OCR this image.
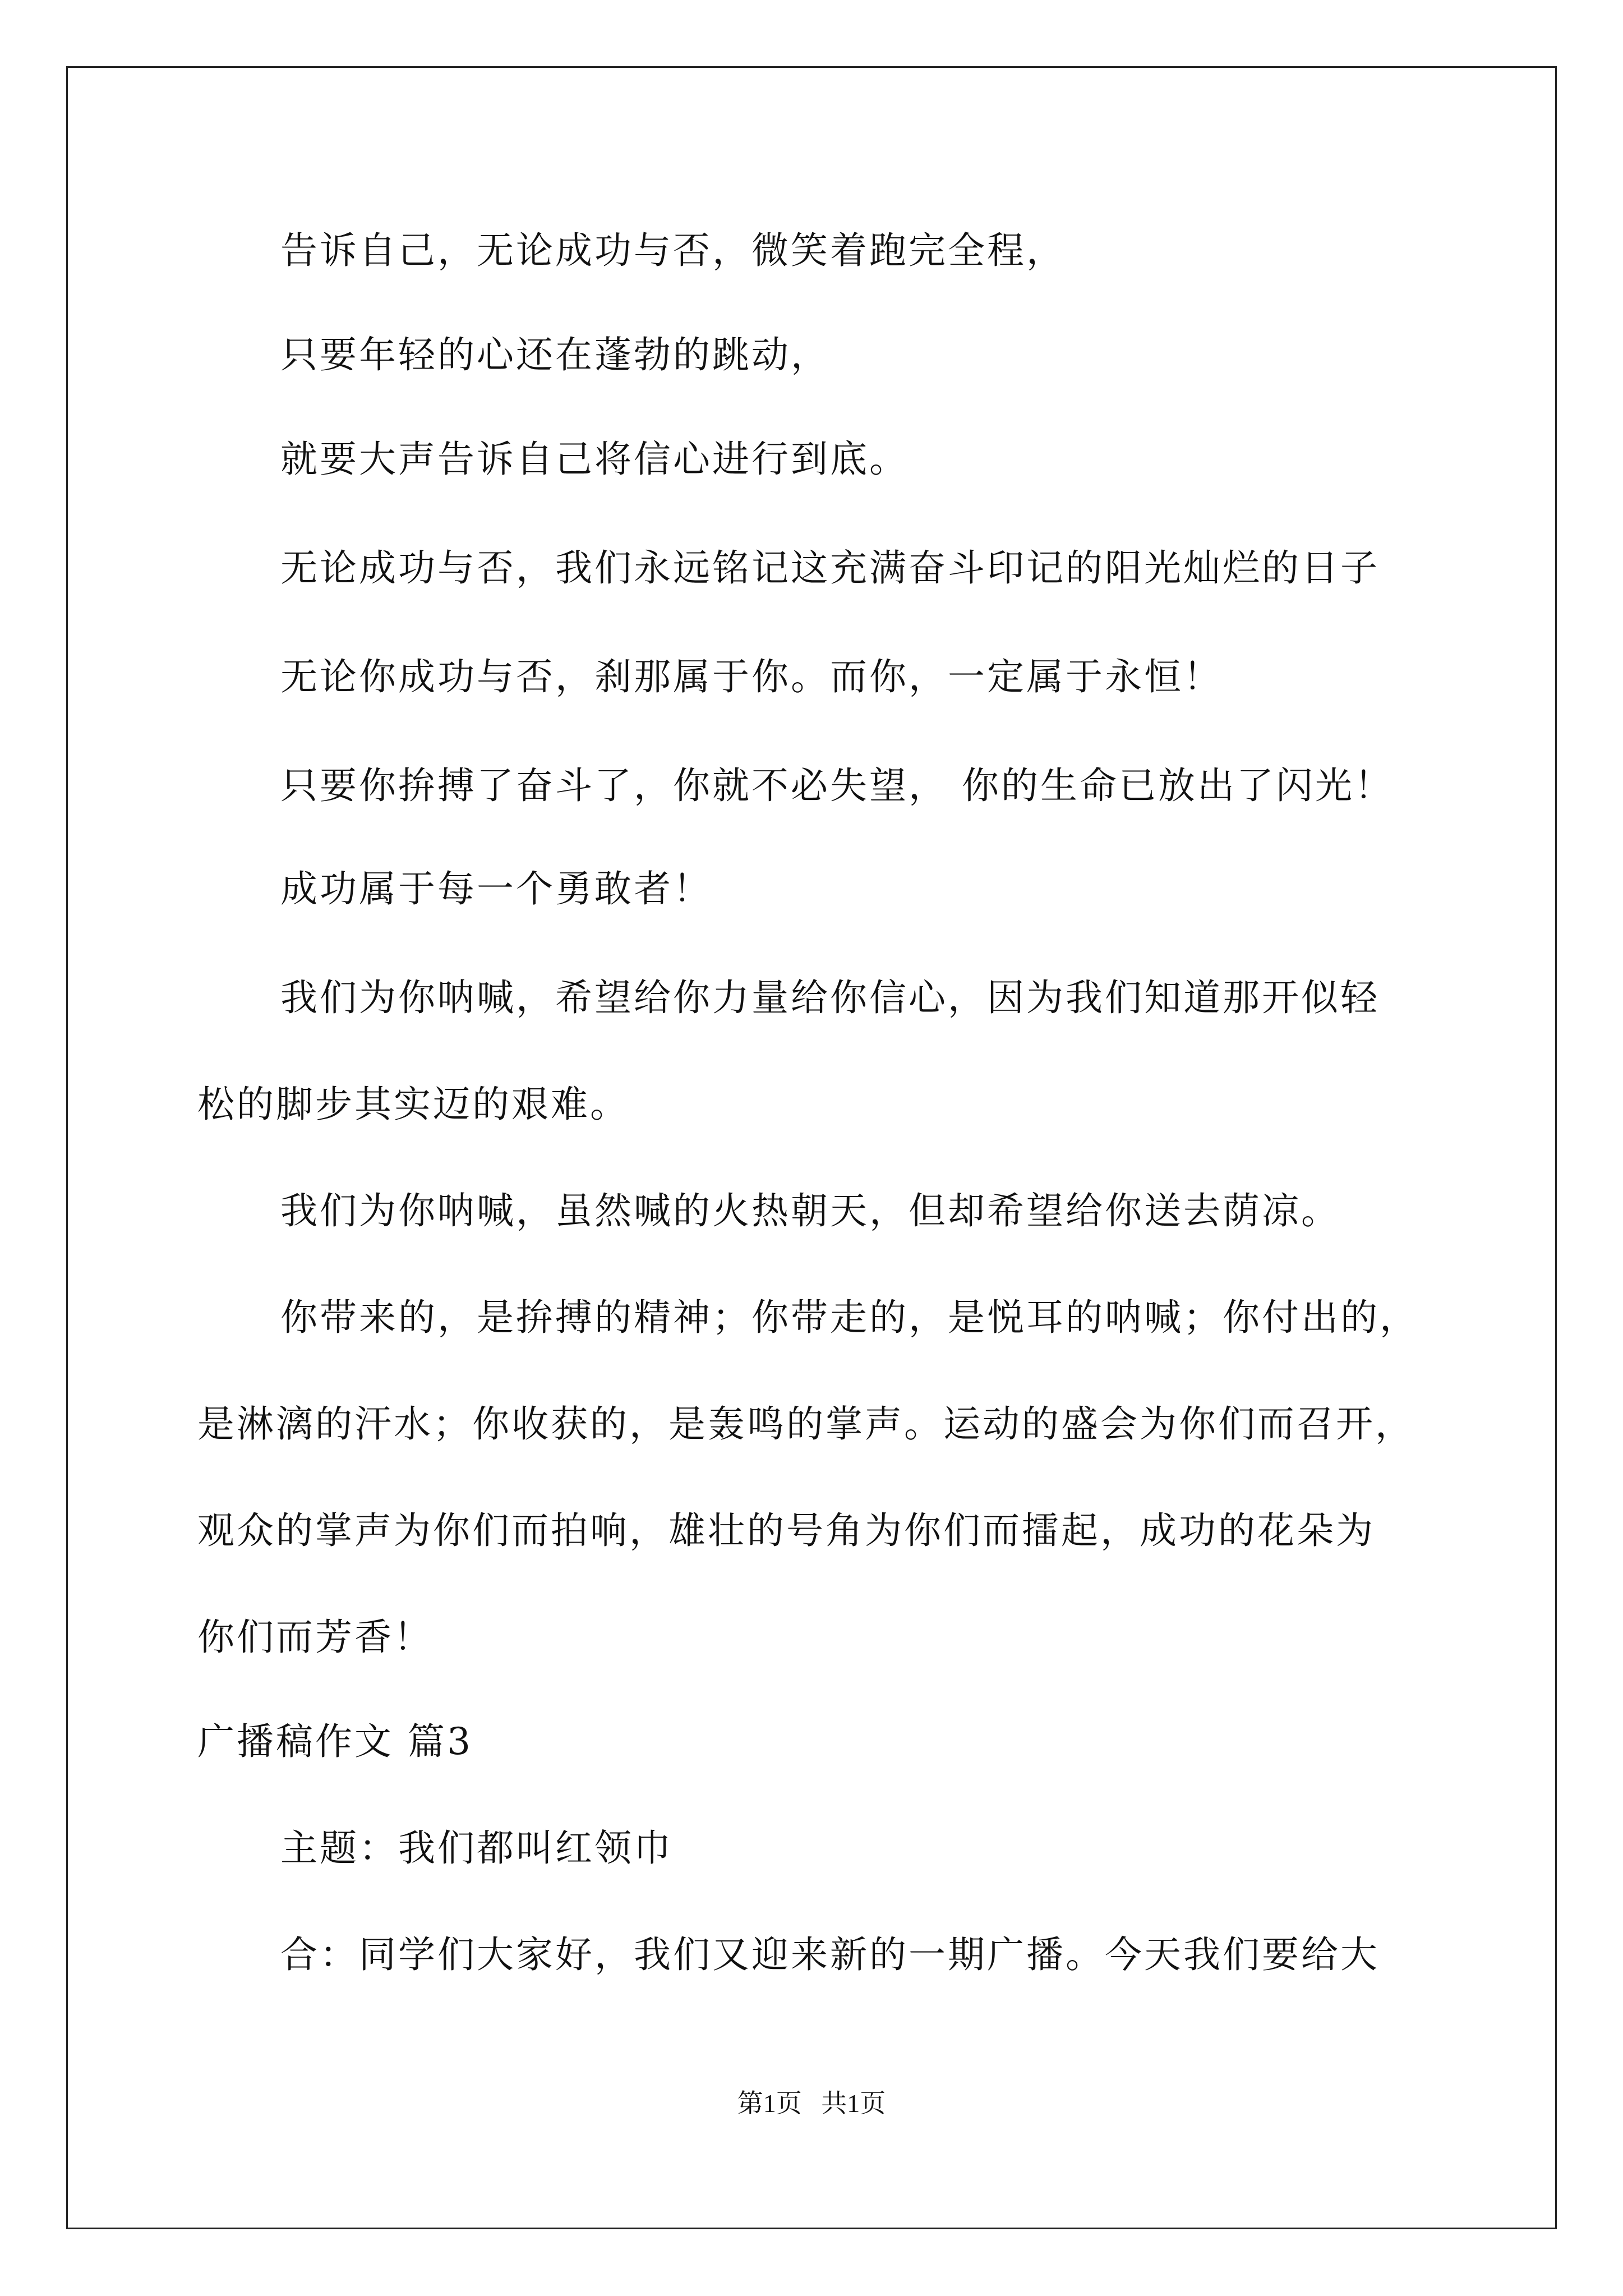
告诉自己，无论成功与否，微笑着跑完全程，
只要年轻的心还在蓬勃的跳动，
就要大声告诉自己将信心进行到底。
无论成功与否，我们永远铭记这充满奋斗印记的阳光灿烂的日子
无论你成功与否，刹那属于你。而你，一定属于永恒！
只要你拚搏了奋斗了，你就不必失望， 你的生命已放出了闪光！
成功属于每一个勇敢者！
我们为你呐喊，希望给你力量给你信心，因为我们知道那开似轻
松的脚步其实迈的艰难。
我们为你呐喊，虽然喊的火热朝天，但却希望给你送去荫凉。
你带来的，是拚搏的精神；你带走的，是悦耳的呐喊；你付出的，
是淋漓的汗水；你收获的，是轰鸣的掌声。运动的盛会为你们而召开，
观众的掌声为你们而拍响，雄壮的号角为你们而擂起，成功的花朵为
你们而芳香！
广播稿作文 篇3
主题：我们都叫红领巾
合：同学们大家好，我们又迎来新的一期广播。今天我们要给大
第1页 共1页
